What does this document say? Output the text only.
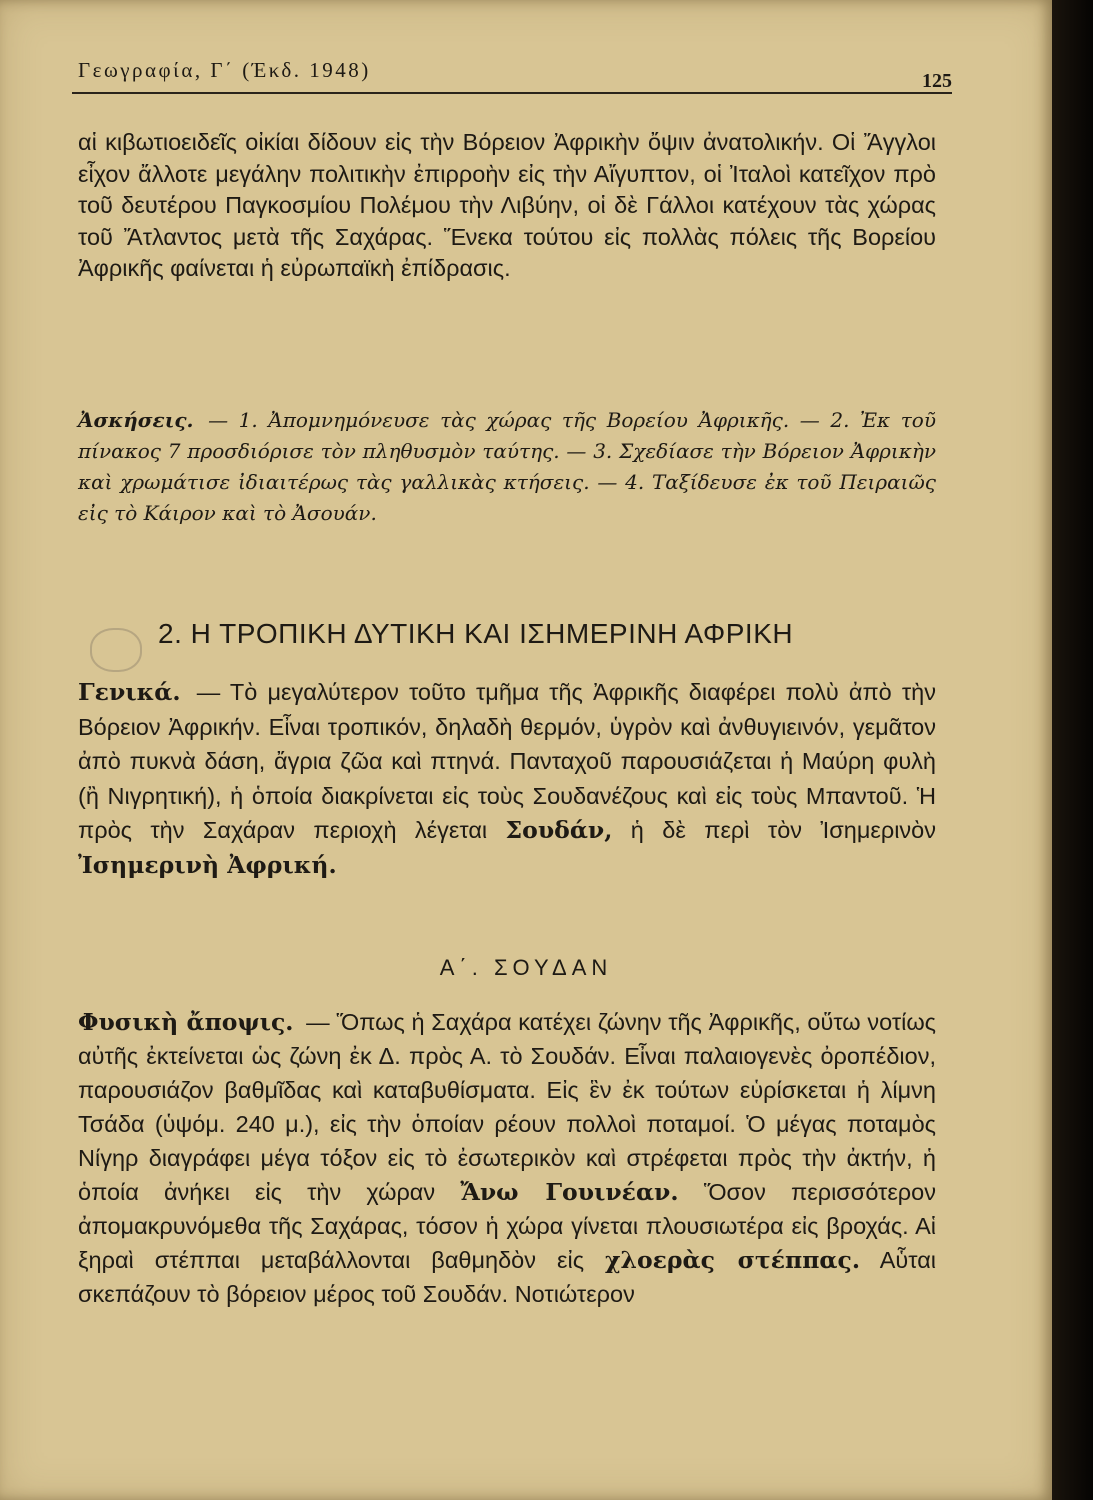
Γεωγραφία, Γ΄ (Έκδ. 1948)	125

αἱ κιβωτιοειδεῖς οἰκίαι δίδουν εἰς τὴν Βόρειον Ἀφρικὴν ὄψιν ἀνατολικήν. Οἱ Ἄγγλοι εἶχον ἄλλοτε μεγάλην πολιτικὴν ἐπιρροὴν εἰς τὴν Αἴγυπτον, οἱ Ἰταλοὶ κατεῖχον πρὸ τοῦ δευτέρου Παγκοσμίου Πολέμου τὴν Λιβύην, οἱ δὲ Γάλλοι κατέχουν τὰς χώρας τοῦ Ἄτλαντος μετὰ τῆς Σαχάρας. Ἕνεκα τούτου εἰς πολλὰς πόλεις τῆς Βορείου Ἀφρικῆς φαίνεται ἡ εὐρωπαϊκὴ ἐπίδρασις.

Ἀσκήσεις. — 1. Ἀπομνημόνευσε τὰς χώρας τῆς Βορείου Ἀφρικῆς. — 2. Ἐκ τοῦ πίνακος 7 προσδιόρισε τὸν πληθυσμὸν ταύτης. — 3. Σχεδίασε τὴν Βόρειον Ἀφρικὴν καὶ χρωμάτισε ἰδιαιτέρως τὰς γαλλικὰς κτήσεις. — 4. Ταξίδευσε ἐκ τοῦ Πειραιῶς εἰς τὸ Κάιρον καὶ τὸ Ἀσουάν.

2. Η ΤΡΟΠΙΚΗ ΔΥΤΙΚΗ ΚΑΙ ΙΣΗΜΕΡΙΝΗ ΑΦΡΙΚΗ

Γενικά. — Τὸ μεγαλύτερον τοῦτο τμῆμα τῆς Ἀφρικῆς διαφέρει πολὺ ἀπὸ τὴν Βόρειον Ἀφρικήν. Εἶναι τροπικόν, δηλαδὴ θερμόν, ὑγρὸν καὶ ἀνθυγιεινόν, γεμᾶτον ἀπὸ πυκνὰ δάση, ἄγρια ζῶα καὶ πτηνά. Πανταχοῦ παρουσιάζεται ἡ Μαύρη φυλὴ (ἢ Νιγρητική), ἡ ὁποία διακρίνεται εἰς τοὺς Σουδανέζους καὶ εἰς τοὺς Μπαντοῦ. Ἡ πρὸς τὴν Σαχάραν περιοχὴ λέγεται Σουδάν, ἡ δὲ περὶ τὸν Ἰσημερινὸν Ἰσημερινὴ Ἀφρική.

Α΄. ΣΟΥΔΑΝ

Φυσικὴ ἄποψις. — Ὅπως ἡ Σαχάρα κατέχει ζώνην τῆς Ἀφρικῆς, οὕτω νοτίως αὐτῆς ἐκτείνεται ὡς ζώνη ἐκ Δ. πρὸς Α. τὸ Σουδάν. Εἶναι παλαιογενὲς ὀροπέδιον, παρουσιάζον βαθμῖδας καὶ καταβυθίσματα. Εἰς ἓν ἐκ τούτων εὑρίσκεται ἡ λίμνη Τσάδα (ὑψόμ. 240 μ.), εἰς τὴν ὁποίαν ρέουν πολλοὶ ποταμοί. Ὁ μέγας ποταμὸς Νίγηρ διαγράφει μέγα τόξον εἰς τὸ ἐσωτερικὸν καὶ στρέφεται πρὸς τὴν ἀκτήν, ἡ ὁποία ἀνήκει εἰς τὴν χώραν Ἄνω Γουινέαν. Ὅσον περισσότερον ἀπομακρυνόμεθα τῆς Σαχάρας, τόσον ἡ χώρα γίνεται πλουσιωτέρα εἰς βροχάς. Αἱ ξηραὶ στέππαι μεταβάλλονται βαθμηδὸν εἰς χλοερὰς στέππας. Αὗται σκεπάζουν τὸ βόρειον μέρος τοῦ Σουδάν. Νοτιώτερον
